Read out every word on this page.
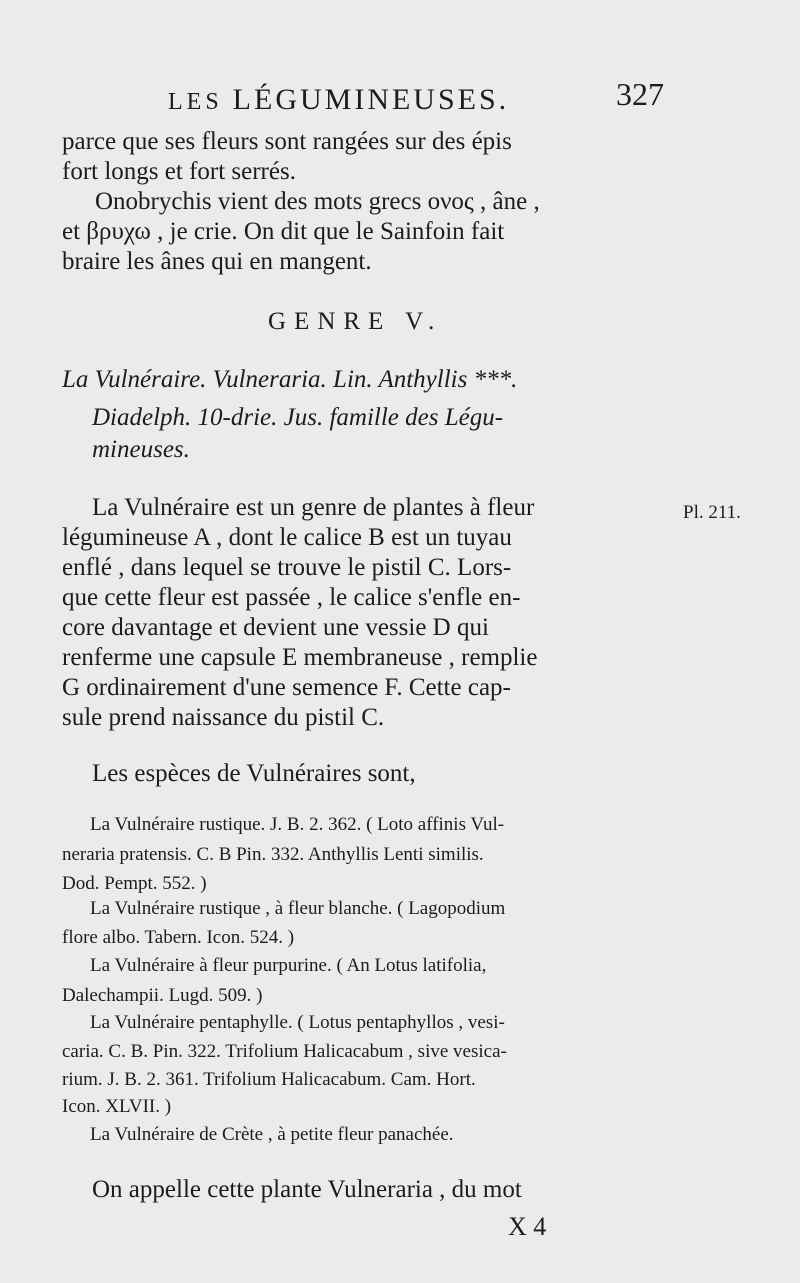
LES LÉGUMINEUSES.	327
parce que ses fleurs sont rangées sur des épis
fort longs et fort serrés.
Onobrychis vient des mots grecs ονος , âne ,
et βρυχω , je crie. On dit que le Sainfoin fait
braire les ânes qui en mangent.
GENRE V.
La Vulnéraire. Vulneraria. Lin. Anthyllis ***.
Diadelph. 10-drie. Jus. famille des Légu-
mineuses.
La Vulnéraire est un genre de plantes à fleur
légumineuse A , dont le calice B est un tuyau
enflé , dans lequel se trouve le pistil C. Lors-
que cette fleur est passée , le calice s'enfle en-
core davantage et devient une vessie D qui
renferme une capsule E membraneuse , remplie
G ordinairement d'une semence F. Cette cap-
sule prend naissance du pistil C.
Pl. 211.
Les espèces de Vulnéraires sont,
La Vulnéraire rustique. J. B. 2. 362. ( Loto affinis Vul-
neraria pratensis. C. B Pin. 332. Anthyllis Lenti similis.
Dod. Pempt. 552. )
La Vulnéraire rustique , à fleur blanche. ( Lagopodium
flore albo. Tabern. Icon. 524. )
La Vulnéraire à fleur purpurine. ( An Lotus latifolia,
Dalechampii. Lugd. 509. )
La Vulnéraire pentaphylle. ( Lotus pentaphyllos , vesi-
caria. C. B. Pin. 322. Trifolium Halicacabum , sive vesica-
rium. J. B. 2. 361. Trifolium Halicacabum. Cam. Hort.
Icon. XLVII. )
La Vulnéraire de Crète , à petite fleur panachée.
On appelle cette plante Vulneraria , du mot
X 4
